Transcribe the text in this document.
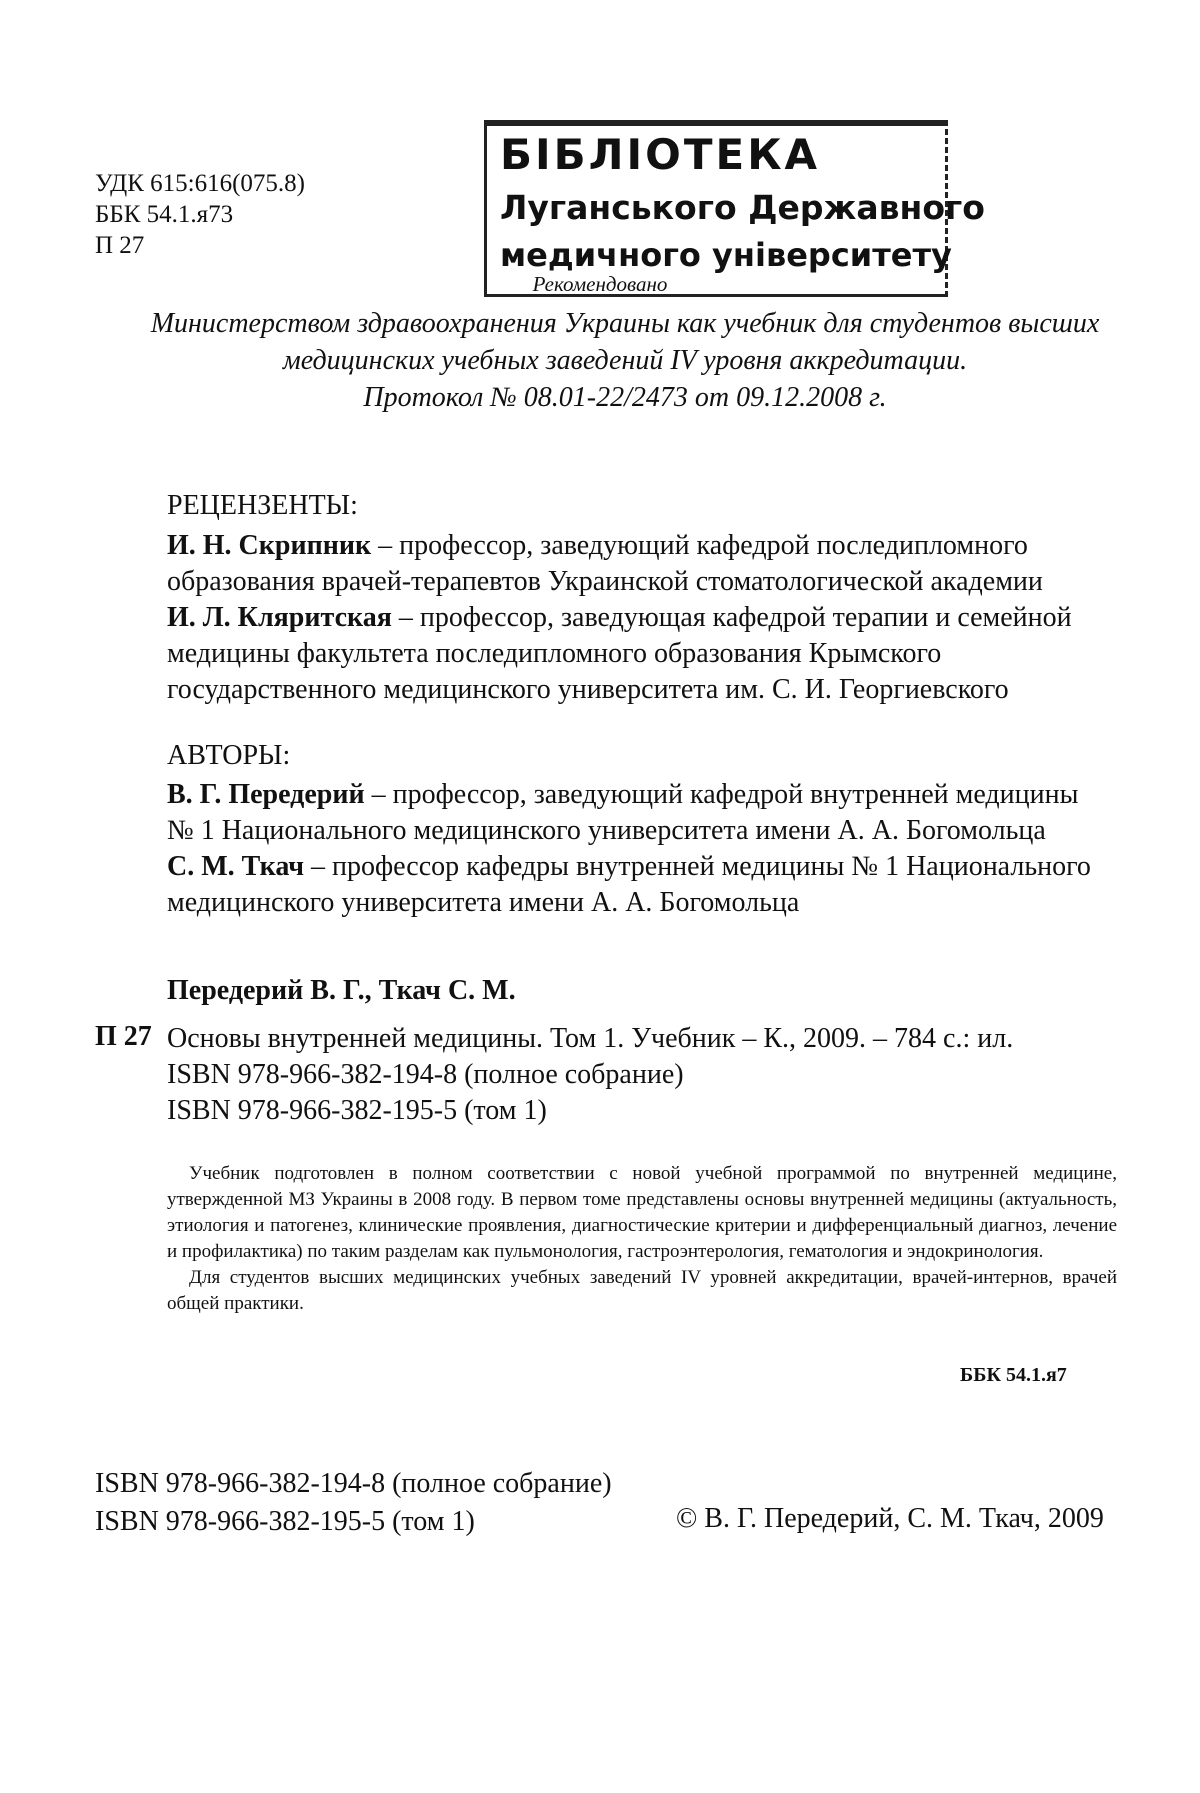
УДК 615:616(075.8)
ББК 54.1.я73
П 27
БІБЛІОТЕКА
Луганського Державного
медичного університету
Рекомендовано
Министерством здравоохранения Украины как учебник для студентов высших
медицинских учебных заведений IV уровня аккредитации.
Протокол № 08.01-22/2473 от 09.12.2008 г.
РЕЦЕНЗЕНТЫ:
И. Н. Скрипник – профессор, заведующий кафедрой последипломного образования врачей-терапевтов Украинской стоматологической академии
И. Л. Кляритская – профессор, заведующая кафедрой терапии и семейной медицины факультета последипломного образования Крымского государственного медицинского университета им. С. И. Георгиевского
АВТОРЫ:
В. Г. Передерий – профессор, заведующий кафедрой внутренней медицины
№ 1 Национального медицинского университета имени А. А. Богомольца
С. М. Ткач – профессор кафедры внутренней медицины № 1 Национального
медицинского университета имени А. А. Богомольца
Передерий В. Г., Ткач С. М.
П 27 Основы внутренней медицины. Том 1. Учебник – К., 2009. – 784 с.: ил.
ISBN 978-966-382-194-8 (полное собрание)
ISBN 978-966-382-195-5 (том 1)

Учебник подготовлен в полном соответствии с новой учебной программой по внутренней медицине, утвержденной МЗ Украины в 2008 году. В первом томе представлены основы внутренней медицины (актуальность, этиология и патогенез, клинические проявления, диагностические критерии и дифференциальный диагноз, лечение и профилактика) по таким разделам как пульмонология, гастроэнтерология, гематология и эндокринология.

Для студентов высших медицинских учебных заведений IV уровней аккредитации, врачей-интернов, врачей общей практики.

ББК 54.1.я7
ISBN 978-966-382-194-8 (полное собрание)
ISBN 978-966-382-195-5 (том 1)	© В. Г. Передерий, С. М. Ткач, 2009
